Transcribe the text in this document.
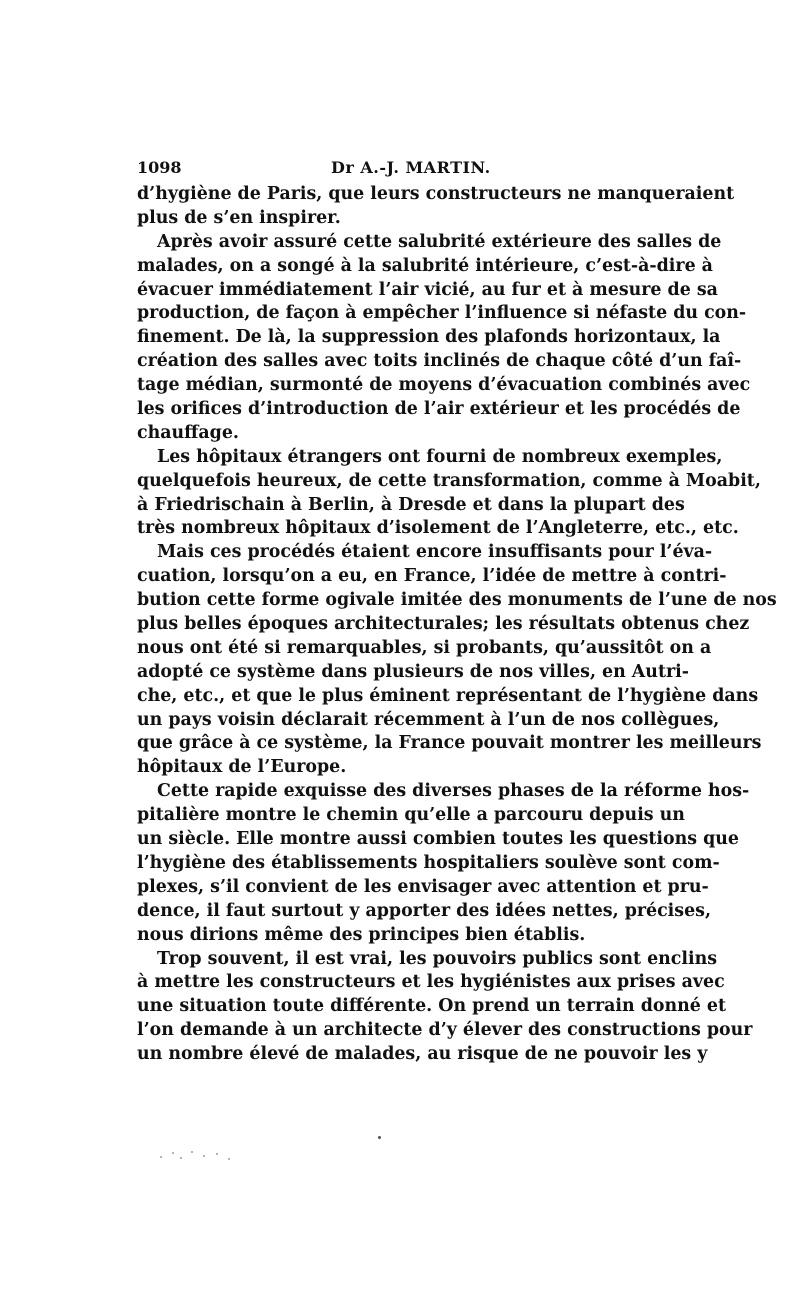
1098	Dr A.-J. MARTIN.
d’hygiène de Paris, que leurs constructeurs ne manqueraient
plus de s’en inspirer.
Après avoir assuré cette salubrité extérieure des salles de
malades, on a songé à la salubrité intérieure, c’est-à-dire à
évacuer immédiatement l’air vicié, au fur et à mesure de sa
production, de façon à empêcher l’influence si néfaste du con-
finement. De là, la suppression des plafonds horizontaux, la
création des salles avec toits inclinés de chaque côté d’un faî-
tage médian, surmonté de moyens d’évacuation combinés avec
les orifices d’introduction de l’air extérieur et les procédés de
chauffage.
Les hôpitaux étrangers ont fourni de nombreux exemples,
quelquefois heureux, de cette transformation, comme à Moabit,
à Friedrischain à Berlin, à Dresde et dans la plupart des
très nombreux hôpitaux d’isolement de l’Angleterre, etc., etc.
Mais ces procédés étaient encore insuffisants pour l’éva-
cuation, lorsqu’on a eu, en France, l’idée de mettre à contri-
bution cette forme ogivale imitée des monuments de l’une de nos
plus belles époques architecturales; les résultats obtenus chez
nous ont été si remarquables, si probants, qu’aussitôt on a
adopté ce système dans plusieurs de nos villes, en Autri-
che, etc., et que le plus éminent représentant de l’hygiène dans
un pays voisin déclarait récemment à l’un de nos collègues,
que grâce à ce système, la France pouvait montrer les meilleurs
hôpitaux de l’Europe.
Cette rapide exquisse des diverses phases de la réforme hos-
pitalière montre le chemin qu’elle a parcouru depuis un
un siècle. Elle montre aussi combien toutes les questions que
l’hygiène des établissements hospitaliers soulève sont com-
plexes, s’il convient de les envisager avec attention et pru-
dence, il faut surtout y apporter des idées nettes, précises,
nous dirions même des principes bien établis.
Trop souvent, il est vrai, les pouvoirs publics sont enclins
à mettre les constructeurs et les hygiénistes aux prises avec
une situation toute différente. On prend un terrain donné et
l’on demande à un architecte d’y élever des constructions pour
un nombre élevé de malades, au risque de ne pouvoir les y
